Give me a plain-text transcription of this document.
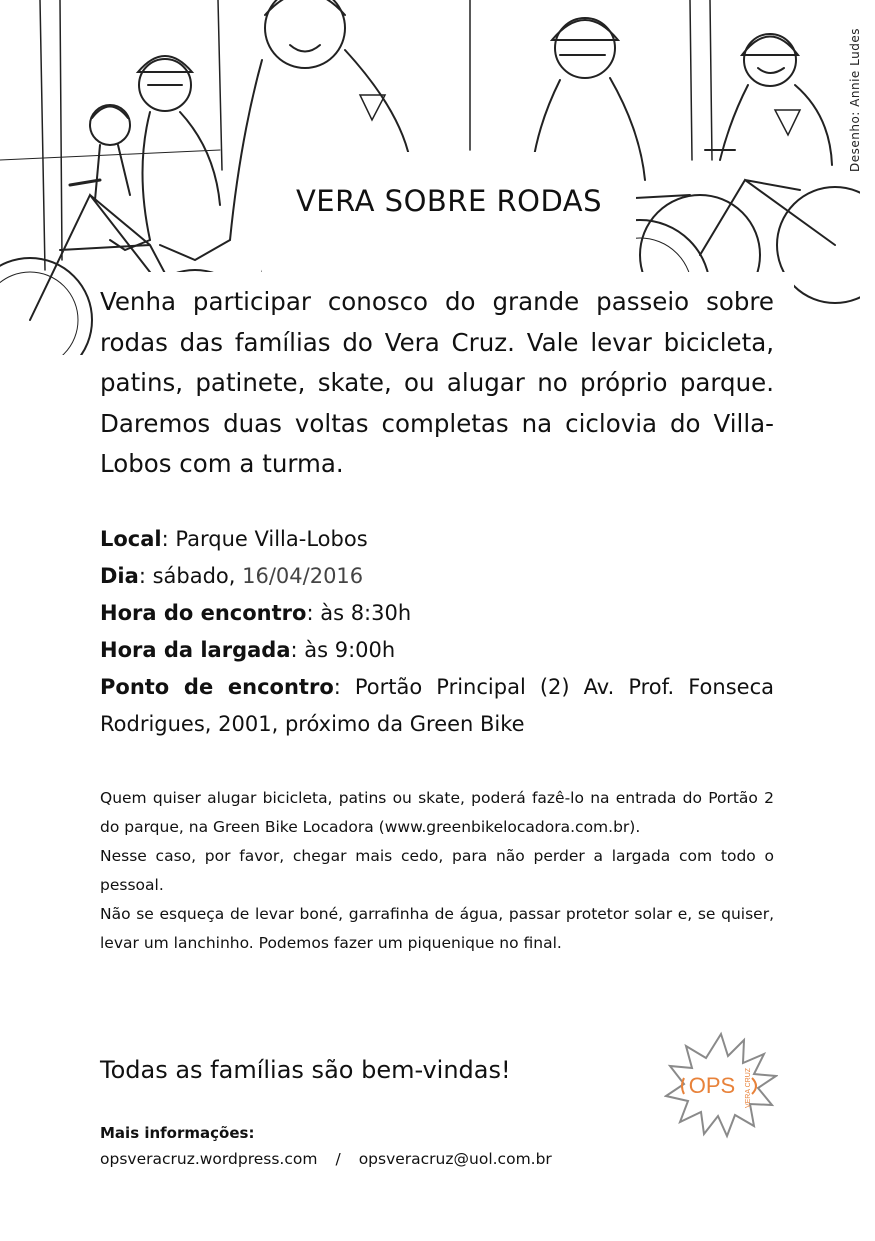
Desenho: Annie Ludes
VERA SOBRE RODAS

Venha participar conosco do grande passeio sobre rodas das famílias do Vera Cruz. Vale levar bicicleta, patins, patinete, skate, ou alugar no próprio parque. Daremos duas voltas completas na ciclovia do Villa-Lobos com a turma.

Local: Parque Villa-Lobos

Dia: sábado, 16/04/2016

Hora do encontro: às 8:30h

Hora da largada: às 9:00h

Ponto de encontro: Portão Principal (2) Av. Prof. Fonseca Rodrigues, 2001, próximo da Green Bike

Quem quiser alugar bicicleta, patins ou skate, poderá fazê-lo na entrada do Portão 2 do parque, na Green Bike Locadora (www.greenbikelocadora.com.br).

Nesse caso, por favor, chegar mais cedo, para não perder a largada com todo o pessoal.

Não se esqueça de levar boné, garrafinha de água, passar protetor solar e, se quiser, levar um lanchinho. Podemos fazer um piquenique no final.

Todas as famílias são bem-vindas!

OPS VERA CRUZ

Mais informações:

opsveracruz.wordpress.com / opsveracruz@uol.com.br
